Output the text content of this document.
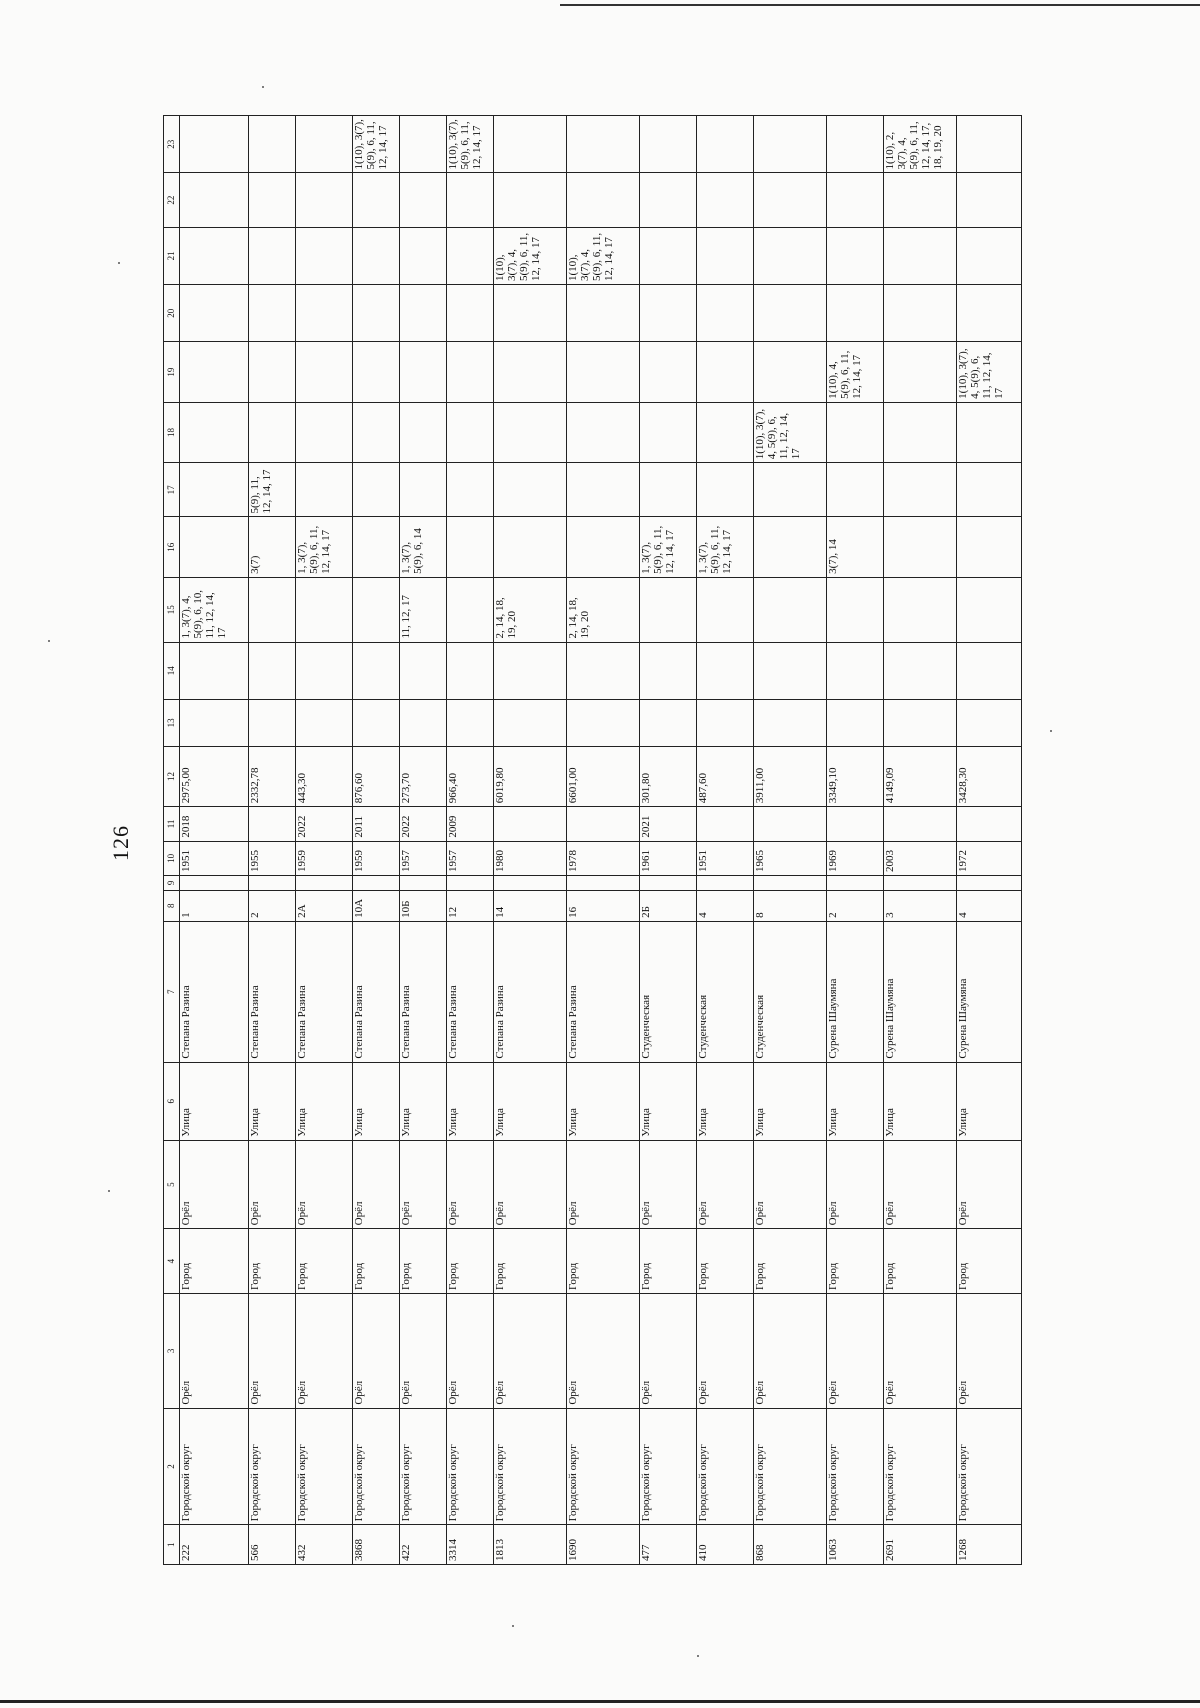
126
1	2	3	4	5	6	7	8	9	10	11	12	13	14	15	16	17	18	19	20	21	22	23
222	Городской округ	Орёл	Город	Орёл	Улица	Степана Разина	1		1951	2018	2975,00			1, 3(7), 4, 5(9), 6, 10, 11, 12, 14, 17								
566	Городской округ	Орёл	Город	Орёл	Улица	Степана Разина	2		1955		2332,78				3(7)	5(9), 11, 12, 14, 17						
432	Городской округ	Орёл	Город	Орёл	Улица	Степана Разина	2А		1959	2022	443,30				1, 3(7), 5(9), 6, 11, 12, 14, 17							
3868	Городской округ	Орёл	Город	Орёл	Улица	Степана Разина	10А		1959	2011	876,60											1(10), 3(7), 5(9), 6, 11, 12, 14, 17
422	Городской округ	Орёл	Город	Орёл	Улица	Степана Разина	10Б		1957	2022	273,70			11, 12, 17	1, 3(7), 5(9), 6, 14							
3314	Городской округ	Орёл	Город	Орёл	Улица	Степана Разина	12		1957	2009	966,40											1(10), 3(7), 5(9), 6, 11, 12, 14, 17
1813	Городской округ	Орёл	Город	Орёл	Улица	Степана Разина	14		1980		6019,80			2, 14, 18, 19, 20						1(10), 3(7), 4, 5(9), 6, 11, 12, 14, 17		
1690	Городской округ	Орёл	Город	Орёл	Улица	Степана Разина	16		1978		6601,00			2, 14, 18, 19, 20						1(10), 3(7), 4, 5(9), 6, 11, 12, 14, 17		
477	Городской округ	Орёл	Город	Орёл	Улица	Студенческая	2Б		1961	2021	301,80				1, 3(7), 5(9), 6, 11, 12, 14, 17							
410	Городской округ	Орёл	Город	Орёл	Улица	Студенческая	4		1951		487,60				1, 3(7), 5(9), 6, 11, 12, 14, 17							
868	Городской округ	Орёл	Город	Орёл	Улица	Студенческая	8		1965		3911,00						1(10), 3(7), 4, 5(9), 6, 11, 12, 14, 17					
1063	Городской округ	Орёл	Город	Орёл	Улица	Сурена Шаумяна	2		1969		3349,10				3(7), 14			1(10), 4, 5(9), 6, 11, 12, 14, 17				
2691	Городской округ	Орёл	Город	Орёл	Улица	Сурена Шаумяна	3		2003		4149,09											1(10), 2, 3(7), 4, 5(9), 6, 11, 12, 14, 17, 18, 19, 20
1268	Городской округ	Орёл	Город	Орёл	Улица	Сурена Шаумяна	4		1972		3428,30							1(10), 3(7), 4, 5(9), 6, 11, 12, 14, 17				
